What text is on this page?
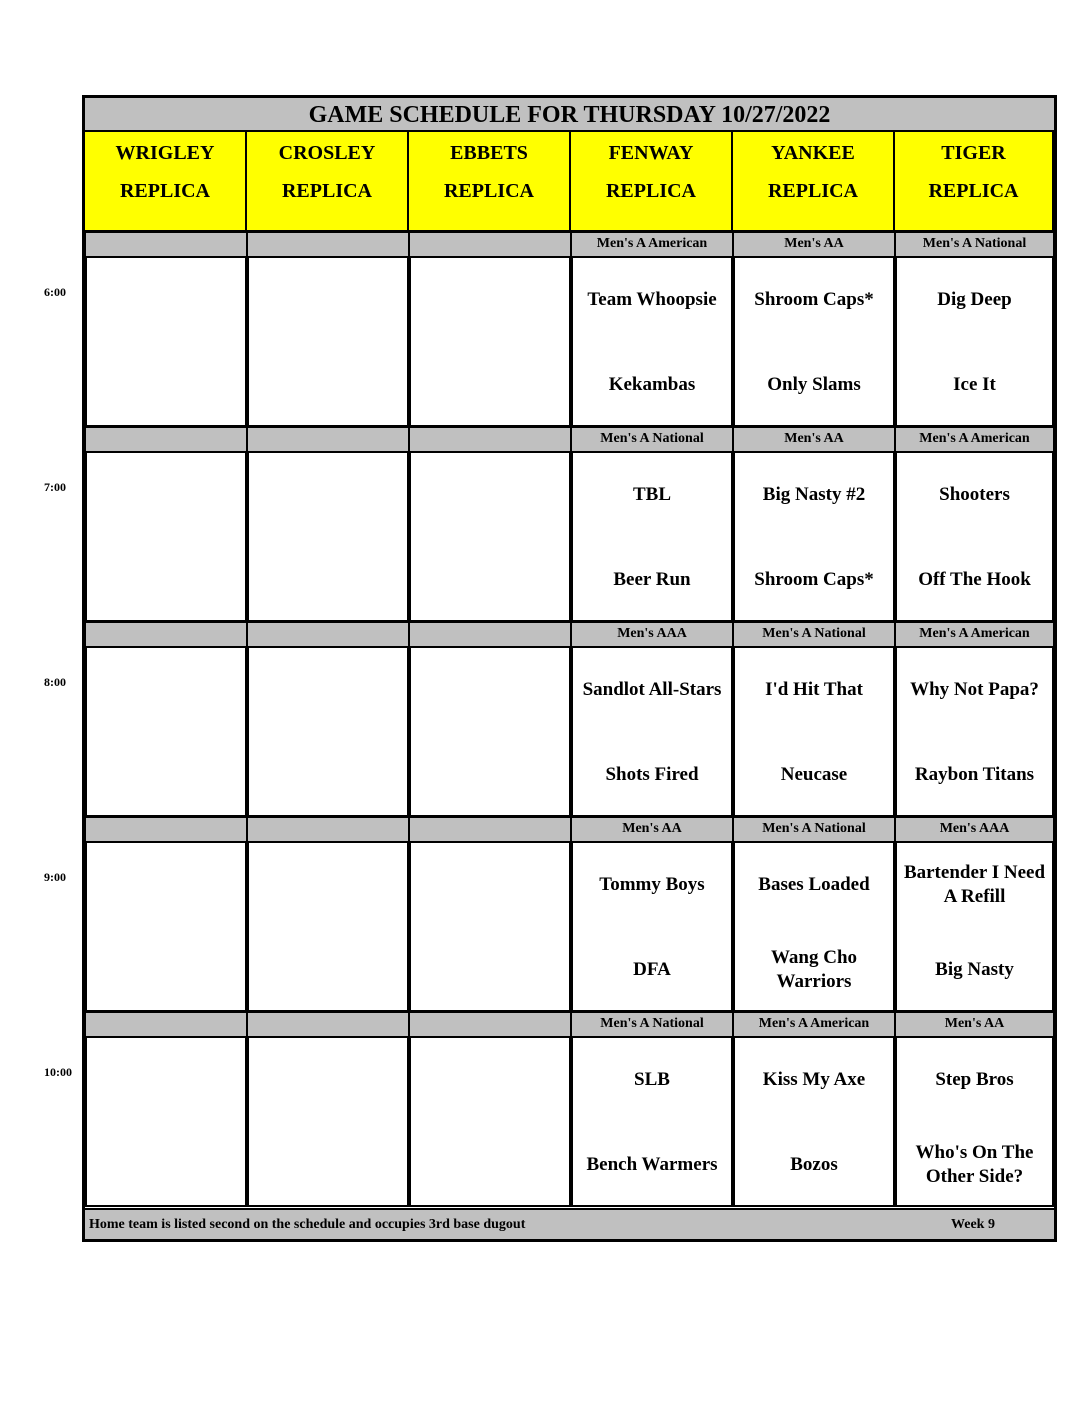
GAME SCHEDULE FOR THURSDAY 10/27/2022
Home team is listed second on the schedule and occupies 3rd base dugout	Week 9
WRIGLEY
REPLICA
CROSLEY
REPLICA
EBBETS
REPLICA
FENWAY
REPLICA
YANKEE
REPLICA
TIGER
REPLICA
Men's A American
Team Whoopsie
Kekambas
Men's AA
Shroom Caps*
Only Slams
Men's A National
Dig Deep
Ice It
Men's A National
TBL
Beer Run
Men's AA
Big Nasty #2
Shroom Caps*
Men's A American
Shooters
Off The Hook
Men's AAA
Sandlot All-Stars
Shots Fired
Men's A National
I'd Hit That
Neucase
Men's A American
Why Not Papa?
Raybon Titans
Men's AA
Tommy Boys
DFA
Men's A National
Bases Loaded
Wang Cho Warriors
Men's AAA
Bartender I Need A Refill
Big Nasty
Men's A National
SLB
Bench Warmers
Men's A American
Kiss My Axe
Bozos
Men's AA
Step Bros
Who's On The Other Side?
6:00
7:00
8:00
9:00
10:00
